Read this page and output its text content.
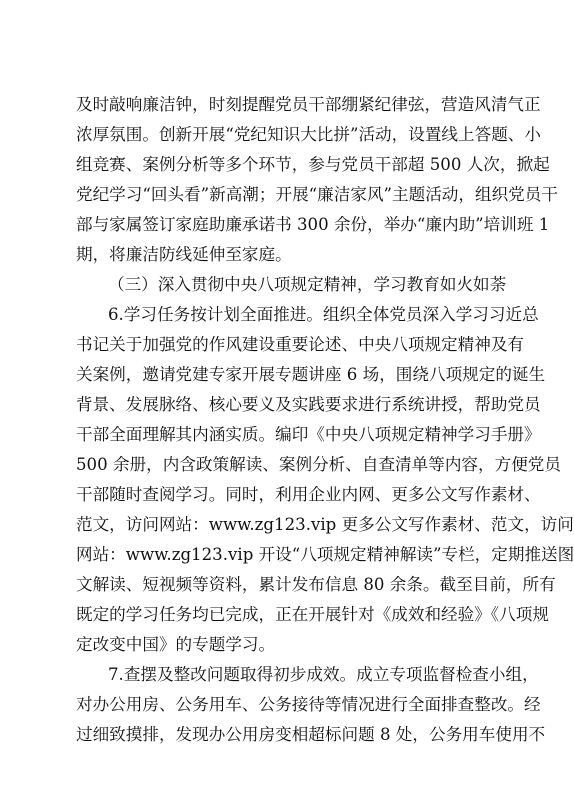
及时敲响廉洁钟，时刻提醒党员干部绷紧纪律弦，营造风清气正
浓厚氛围。创新开展“党纪知识大比拼”活动，设置线上答题、小
组竞赛、案例分析等多个环节，参与党员干部超 500 人次，掀起
党纪学习“回头看”新高潮；开展“廉洁家风”主题活动，组织党员干
部与家属签订家庭助廉承诺书 300 余份，举办“廉内助”培训班 1
期，将廉洁防线延伸至家庭。
（三）深入贯彻中央八项规定精神，学习教育如火如荼
6.学习任务按计划全面推进。组织全体党员深入学习习近总
书记关于加强党的作风建设重要论述、中央八项规定精神及有
关案例，邀请党建专家开展专题讲座 6 场，围绕八项规定的诞生
背景、发展脉络、核心要义及实践要求进行系统讲授，帮助党员
干部全面理解其内涵实质。编印《中央八项规定精神学习手册》
500 余册，内含政策解读、案例分析、自查清单等内容，方便党员
干部随时查阅学习。同时，利用企业内网、更多公文写作素材、
范文，访问网站：www.zg123.vip 更多公文写作素材、范文，访问
网站：www.zg123.vip 开设“八项规定精神解读”专栏，定期推送图
文解读、短视频等资料，累计发布信息 80 余条。截至目前，所有
既定的学习任务均已完成，正在开展针对《成效和经验》《八项规
定改变中国》的专题学习。
7.查摆及整改问题取得初步成效。成立专项监督检查小组，
对办公用房、公务用车、公务接待等情况进行全面排查整改。经
过细致摸排，发现办公用房变相超标问题 8 处，公务用车使用不
